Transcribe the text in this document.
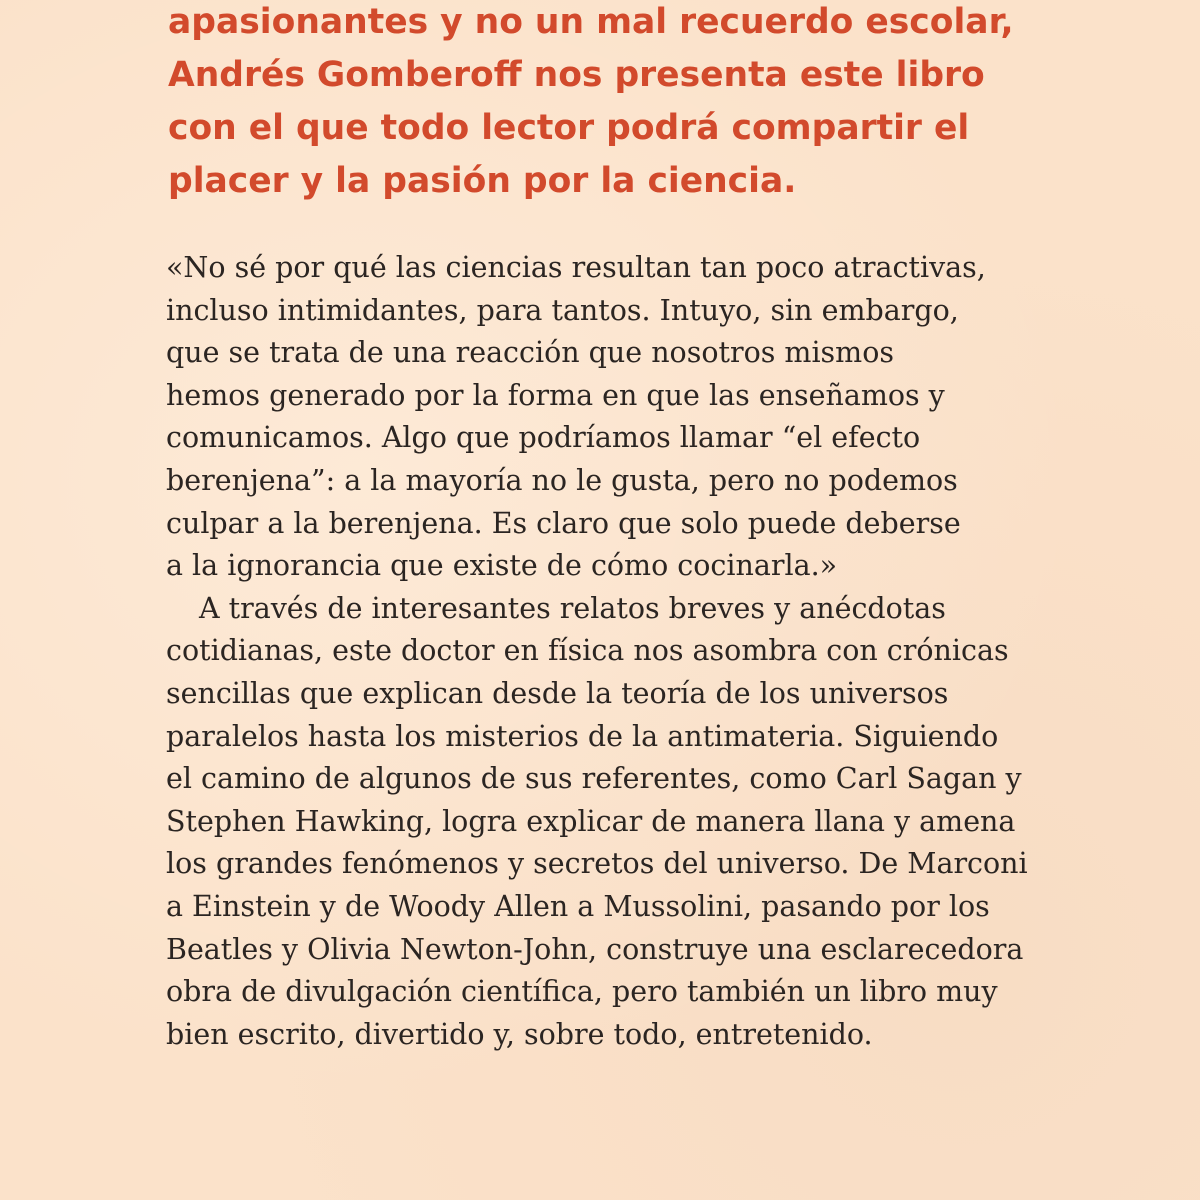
apasionantes y no un mal recuerdo escolar,
Andrés Gomberoff nos presenta este libro
con el que todo lector podrá compartir el
placer y la pasión por la ciencia.
«No sé por qué las ciencias resultan tan poco atractivas,
incluso intimidantes, para tantos. Intuyo, sin embargo,
que se trata de una reacción que nosotros mismos
hemos generado por la forma en que las enseñamos y
comunicamos. Algo que podríamos llamar “el efecto
berenjena”: a la mayoría no le gusta, pero no podemos
culpar a la berenjena. Es claro que solo puede deberse
a la ignorancia que existe de cómo cocinarla.»
A través de interesantes relatos breves y anécdotas
cotidianas, este doctor en física nos asombra con crónicas
sencillas que explican desde la teoría de los universos
paralelos hasta los misterios de la antimateria. Siguiendo
el camino de algunos de sus referentes, como Carl Sagan y
Stephen Hawking, logra explicar de manera llana y amena
los grandes fenómenos y secretos del universo. De Marconi
a Einstein y de Woody Allen a Mussolini, pasando por los
Beatles y Olivia Newton-John, construye una esclarecedora
obra de divulgación científica, pero también un libro muy
bien escrito, divertido y, sobre todo, entretenido.
